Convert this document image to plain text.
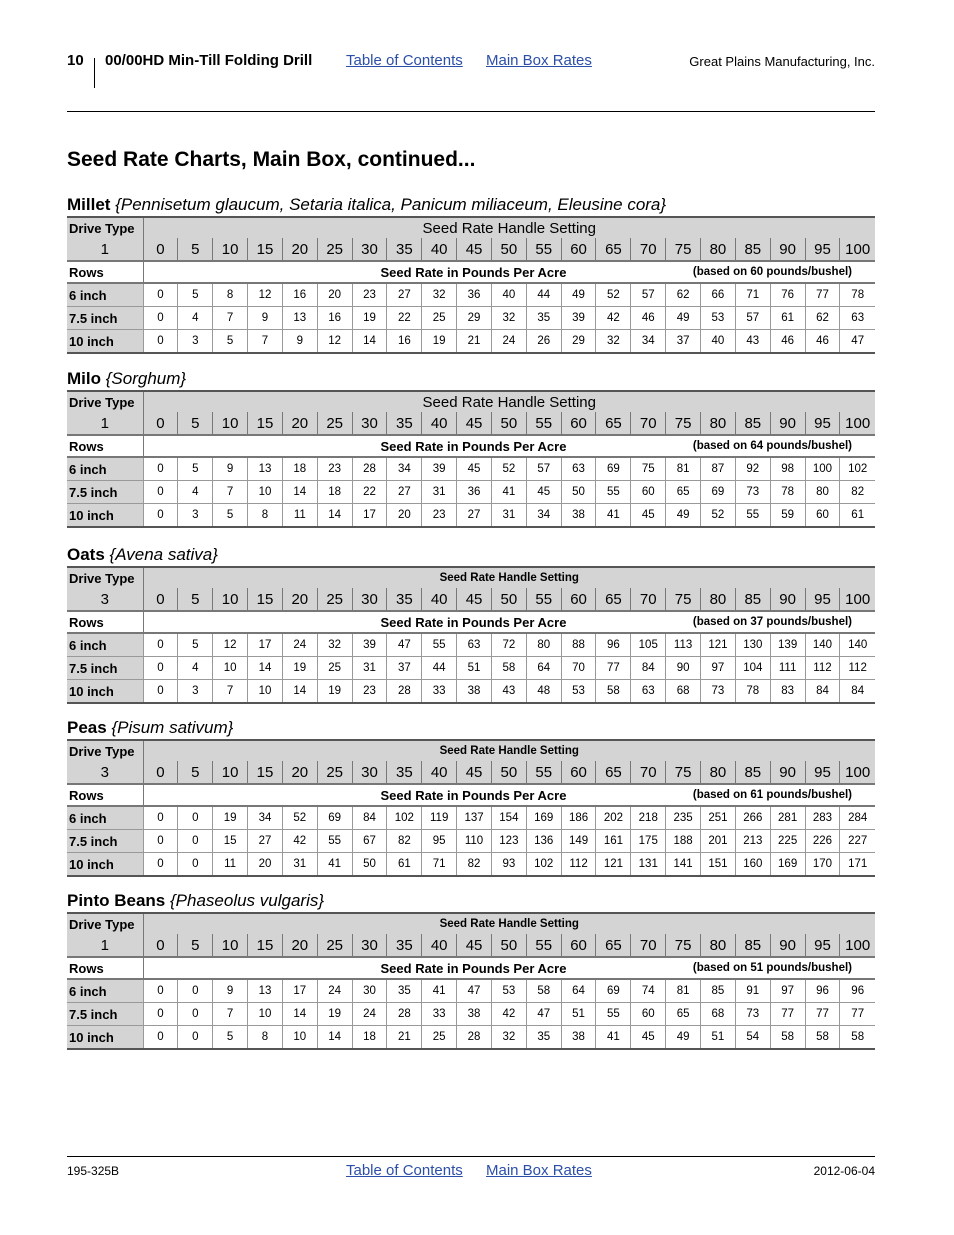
10 00/00HD Min-Till Folding Drill Table of Contents Main Box Rates	Great Plains Manufacturing, Inc.
Seed Rate Charts, Main Box, continued...
Millet {Pennisetum glaucum, Setaria italica, Panicum miliaceum, Eleusine cora}
Drive Type	Seed Rate Handle Setting																				
1	0	5	10	15	20	25	30	35	40	45	50	55	60	65	70	75	80	85	90	95	100
Rows	Seed Rate in Pounds Per Acre (based on 60 pounds/bushel)																				

6 inch	0	5	8	12	16	20	23	27	32	36	40	44	49	52	57	62	66	71	76	77	78
7.5 inch	0	4	7	9	13	16	19	22	25	29	32	35	39	42	46	49	53	57	61	62	63
10 inch	0	3	5	7	9	12	14	16	19	21	24	26	29	32	34	37	40	43	46	46	47
Milo {Sorghum}
Drive Type	Seed Rate Handle Setting																				
1	0	5	10	15	20	25	30	35	40	45	50	55	60	65	70	75	80	85	90	95	100
Rows	Seed Rate in Pounds Per Acre (based on 64 pounds/bushel)																				

6 inch	0	5	9	13	18	23	28	34	39	45	52	57	63	69	75	81	87	92	98	100	102
7.5 inch	0	4	7	10	14	18	22	27	31	36	41	45	50	55	60	65	69	73	78	80	82
10 inch	0	3	5	8	11	14	17	20	23	27	31	34	38	41	45	49	52	55	59	60	61
Oats {Avena sativa}
Drive Type	Seed Rate Handle Setting																				
3	0	5	10	15	20	25	30	35	40	45	50	55	60	65	70	75	80	85	90	95	100
Rows	Seed Rate in Pounds Per Acre (based on 37 pounds/bushel)																				

6 inch	0	5	12	17	24	32	39	47	55	63	72	80	88	96	105	113	121	130	139	140	140
7.5 inch	0	4	10	14	19	25	31	37	44	51	58	64	70	77	84	90	97	104	111	112	112
10 inch	0	3	7	10	14	19	23	28	33	38	43	48	53	58	63	68	73	78	83	84	84
Peas {Pisum sativum}
Drive Type	Seed Rate Handle Setting																				
3	0	5	10	15	20	25	30	35	40	45	50	55	60	65	70	75	80	85	90	95	100
Rows	Seed Rate in Pounds Per Acre (based on 61 pounds/bushel)																				

6 inch	0	0	19	34	52	69	84	102	119	137	154	169	186	202	218	235	251	266	281	283	284
7.5 inch	0	0	15	27	42	55	67	82	95	110	123	136	149	161	175	188	201	213	225	226	227
10 inch	0	0	11	20	31	41	50	61	71	82	93	102	112	121	131	141	151	160	169	170	171
Pinto Beans {Phaseolus vulgaris}
Drive Type	Seed Rate Handle Setting																				
1	0	5	10	15	20	25	30	35	40	45	50	55	60	65	70	75	80	85	90	95	100
Rows	Seed Rate in Pounds Per Acre (based on 51 pounds/bushel)																				

6 inch	0	0	9	13	17	24	30	35	41	47	53	58	64	69	74	81	85	91	97	96	96
7.5 inch	0	0	7	10	14	19	24	28	33	38	42	47	51	55	60	65	68	73	77	77	77
10 inch	0	0	5	8	10	14	18	21	25	28	32	35	38	41	45	49	51	54	58	58	58
195-325B	Table of Contents Main Box Rates	2012-06-04
